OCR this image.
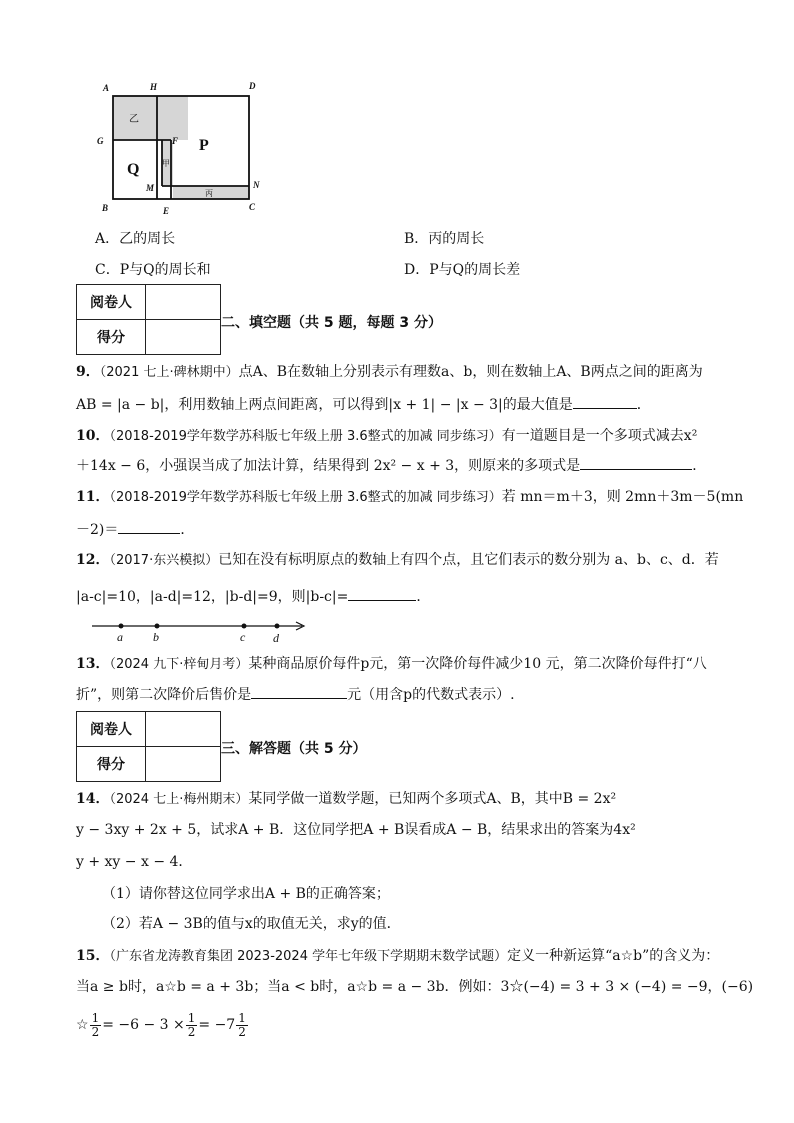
A	H	D
G	F
M	N
B	E	C
乙
甲
丙
P
Q
A．乙的周长	B．丙的周长
C．P与Q的周长和	D．P与Q的周长差
阅卷人	
得分	
二、填空题（共 5 题，每题 3 分）
9．（2021 七上·碑林期中）点A、B在数轴上分别表示有理数a、b，则在数轴上A、B两点之间的距离为
AB = |a − b|，利用数轴上两点间距离，可以得到|x + 1| − |x − 3|的最大值是	．
10．（2018-2019学年数学苏科版七年级上册 3.6整式的加减 同步练习）有一道题目是一个多项式减去x²
＋14x − 6，小强误当成了加法计算，结果得到 2x² − x + 3，则原来的多项式是	．
11．（2018-2019学年数学苏科版七年级上册 3.6整式的加减 同步练习）若 mn＝m＋3，则 2mn＋3m－5(mn
－2)＝	．
12．（2017·东兴模拟）已知在没有标明原点的数轴上有四个点，且它们表示的数分别为 a、b、c、d．若
|a-c|=10，|a-d|=12，|b-d|=9，则|b-c|=	．
a	b	c d
13．（2024 九下·梓甸月考）某种商品原价每件p元，第一次降价每件减少10 元，第二次降价每件打“八
折”，则第二次降价后售价是	元（用含p的代数式表示）.
阅卷人	
得分	
三、解答题（共 5 分）
14．（2024 七上·梅州期末）某同学做一道数学题，已知两个多项式A、B，其中B = 2x²
y − 3xy + 2x + 5，试求A + B．这位同学把A + B误看成A − B，结果求出的答案为4x²
y + xy − x − 4．
（1）请你替这位同学求出A + B的正确答案；
（2）若A − 3B的值与x的取值无关，求y的值．
15．（广东省龙涛教育集团 2023-2024 学年七年级下学期期末数学试题）定义一种新运算“a☆b”的含义为：
当a ≥ b时，a☆b = a + 3b；当a < b时，a☆b = a − 3b．例如：3☆(−4) = 3 + 3 × (−4) = −9，(−6)
☆ $\frac{1}{2} = -6 - 3 \times \frac{1}{2} = -7 \frac{1}{2}$
